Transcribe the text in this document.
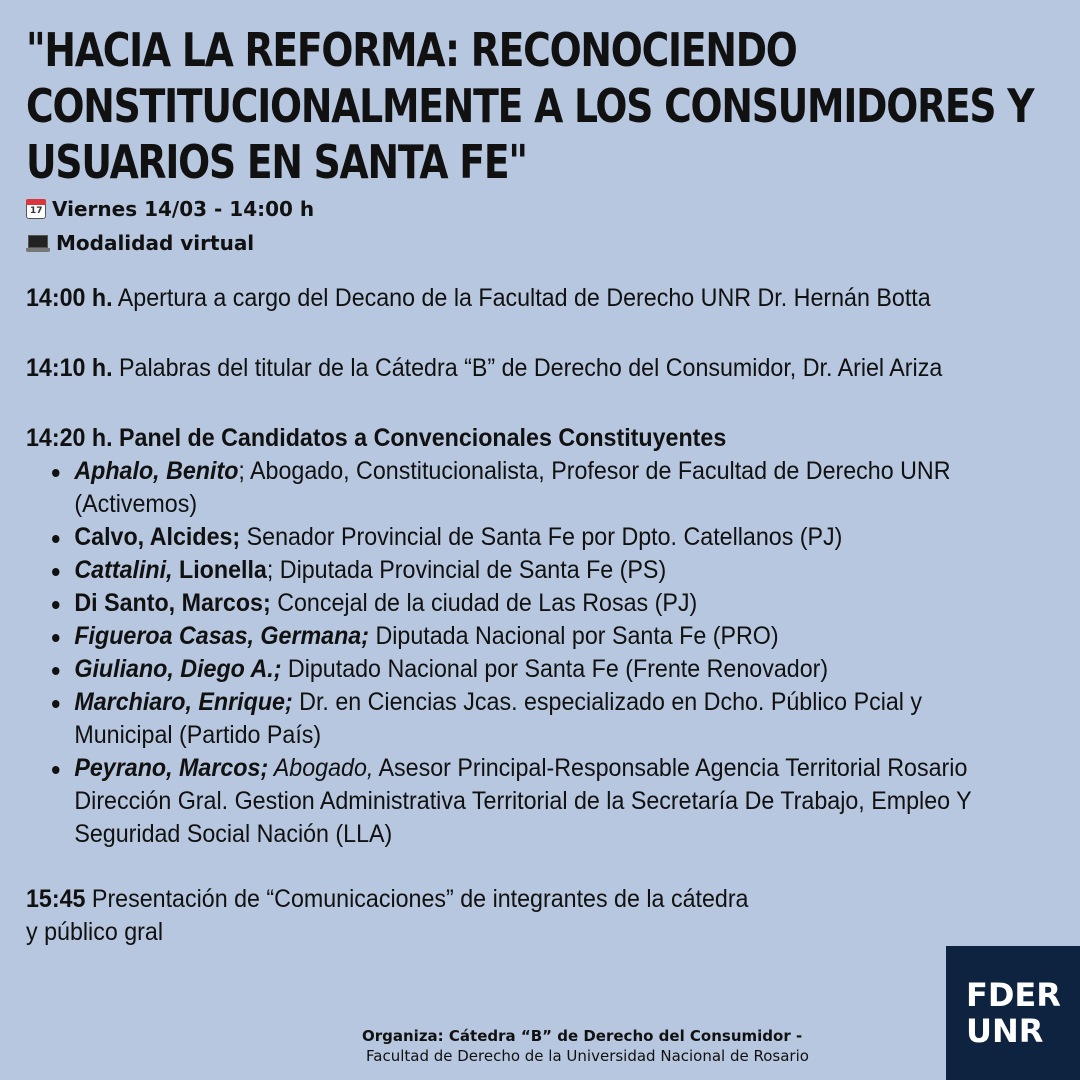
"HACIA LA REFORMA: RECONOCIENDO
CONSTITUCIONALMENTE A LOS CONSUMIDORES Y
USUARIOS EN SANTA FE"
17
Viernes 14/03 - 14:00 h
Modalidad virtual
14:00 h. Apertura a cargo del Decano de la Facultad de Derecho UNR Dr. Hernán Botta
14:10 h. Palabras del titular de la Cátedra “B” de Derecho del Consumidor, Dr. Ariel Ariza
14:20 h. Panel de Candidatos a Convencionales Constituyentes
Aphalo, Benito; Abogado, Constitucionalista, Profesor de Facultad de Derecho UNR
(Activemos)
Calvo, Alcides; Senador Provincial de Santa Fe por Dpto. Catellanos (PJ)
Cattalini, Lionella; Diputada Provincial de Santa Fe (PS)
Di Santo, Marcos; Concejal de la ciudad de Las Rosas (PJ)
Figueroa Casas, Germana; Diputada Nacional por Santa Fe (PRO)
Giuliano, Diego A.; Diputado Nacional por Santa Fe (Frente Renovador)
Marchiaro, Enrique; Dr. en Ciencias Jcas. especializado en Dcho. Público Pcial y
Municipal (Partido País)
Peyrano, Marcos; Abogado, Asesor Principal-Responsable Agencia Territorial Rosario
Dirección Gral. Gestion Administrativa Territorial de la Secretaría De Trabajo, Empleo Y
Seguridad Social Nación (LLA)
15:45 Presentación de “Comunicaciones” de integrantes de la cátedra
y público gral
Organiza: Cátedra “B” de Derecho del Consumidor -
Facultad de Derecho de la Universidad Nacional de Rosario
FDER
UNR
